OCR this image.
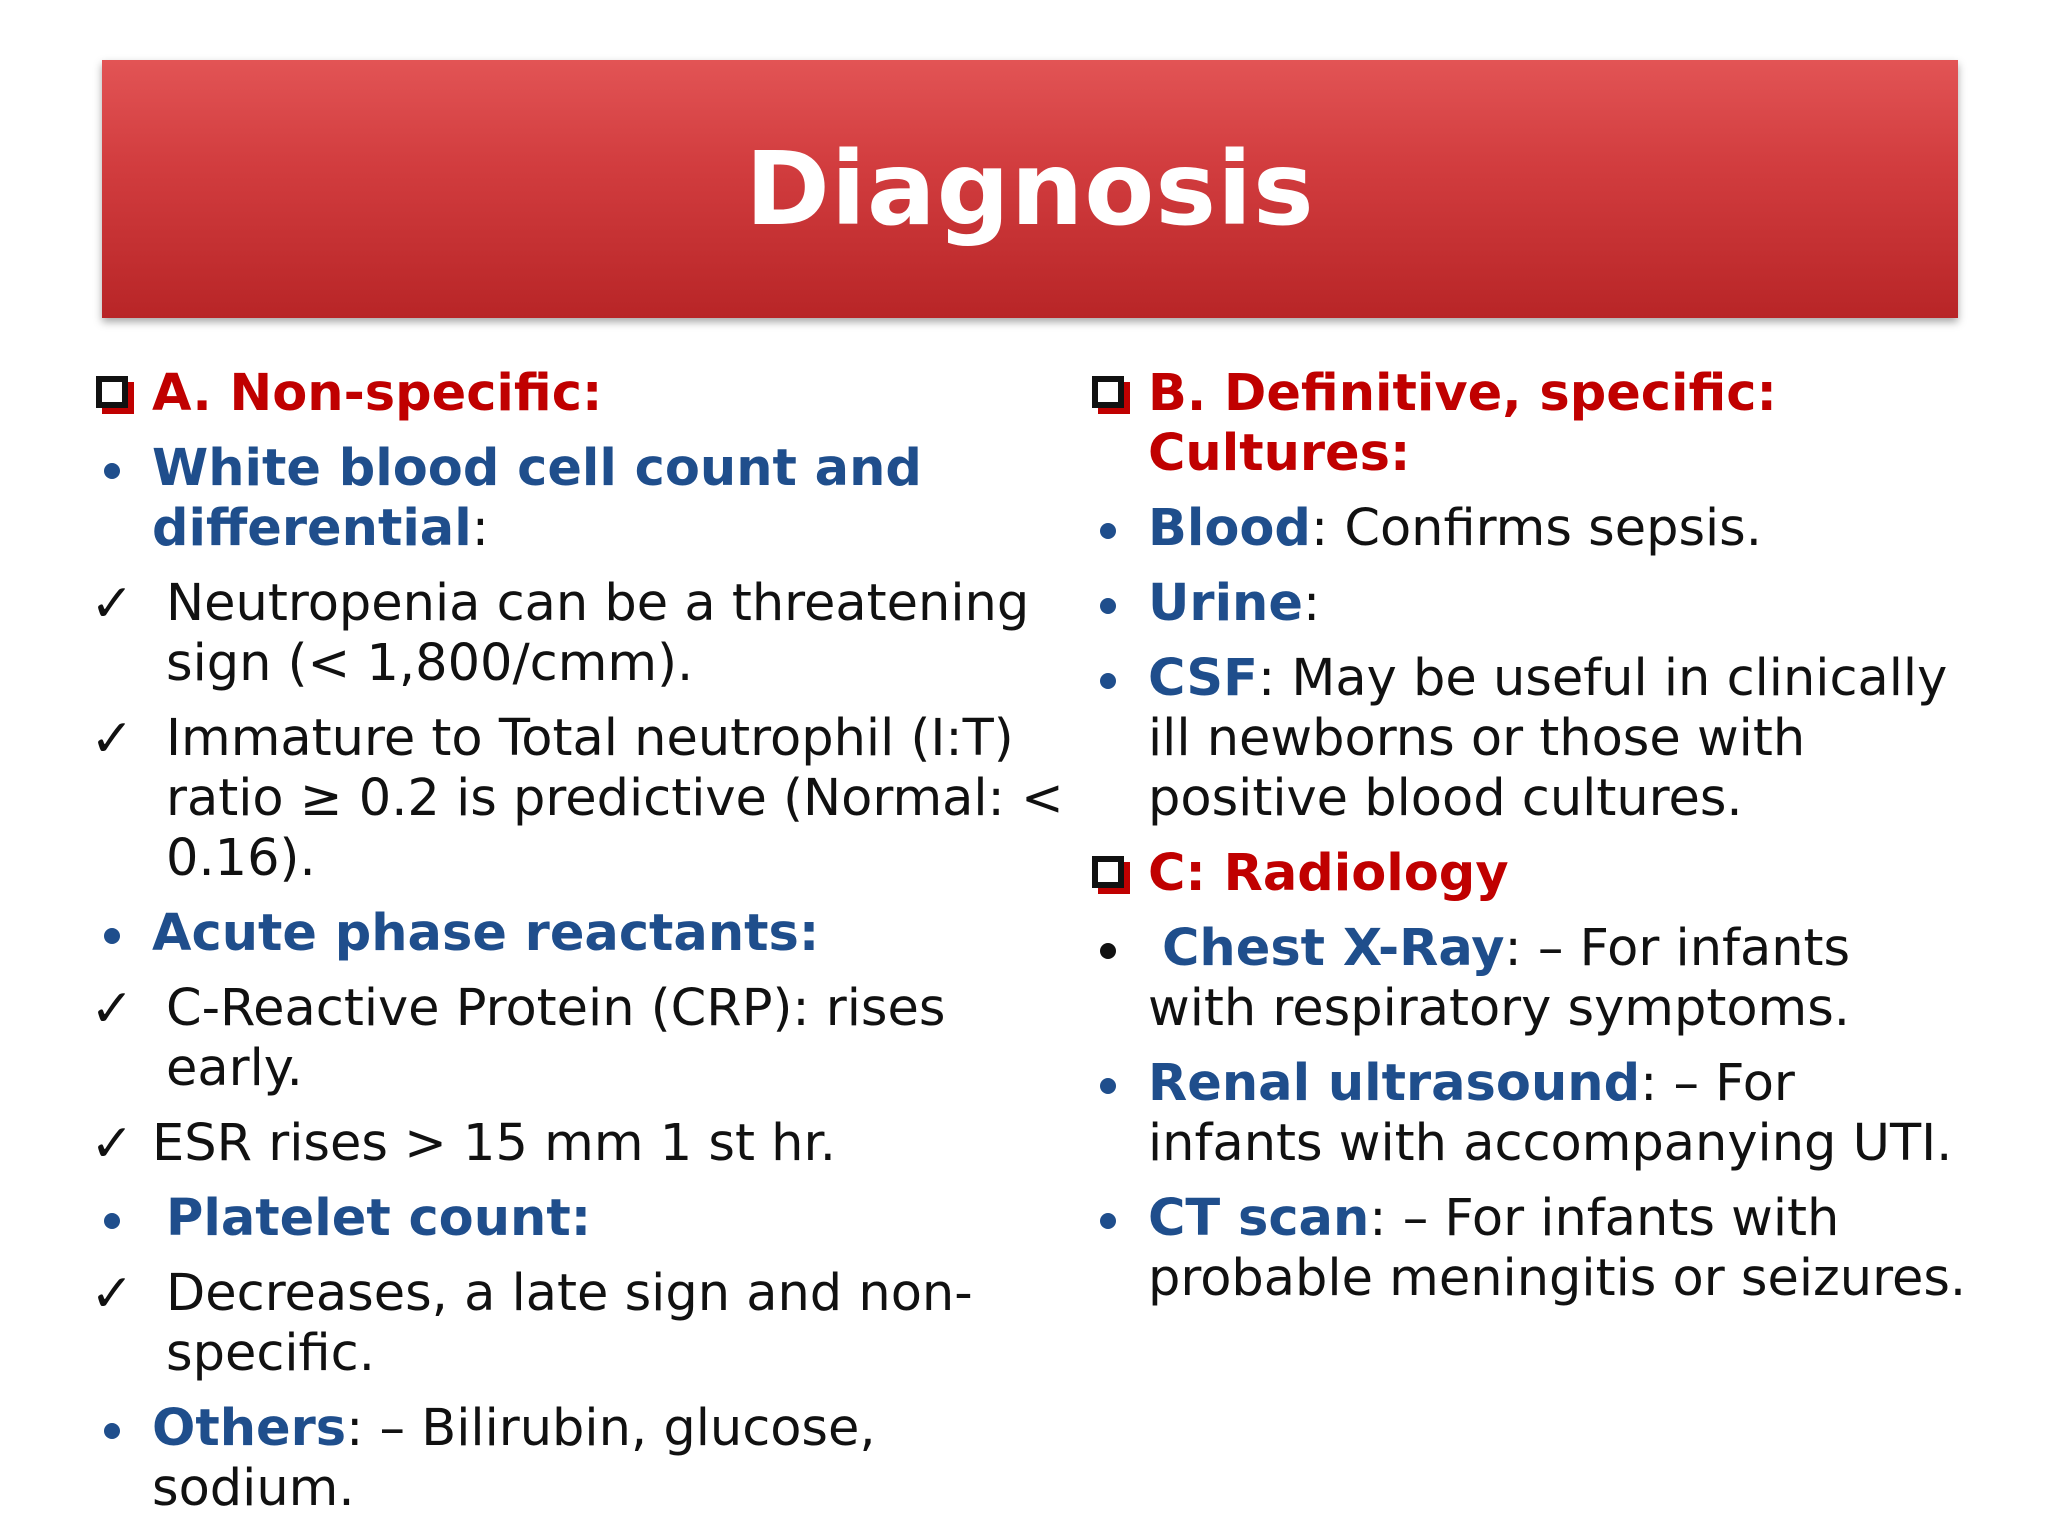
Diagnosis
A. Non-specific:
White blood cell count and differential:
✓ Neutropenia can be a threatening sign (< 1,800/cmm).
✓ Immature to Total neutrophil (I:T) ratio ≥ 0.2 is predictive (Normal: < 0.16).
Acute phase reactants:
✓ C-Reactive Protein (CRP): rises early.
✓ ESR rises > 15 mm 1 st hr.
Platelet count:
✓ Decreases, a late sign and non-specific.
Others: – Bilirubin, glucose, sodium.
B. Definitive, specific: Cultures:
Blood: Confirms sepsis.
Urine:
CSF: May be useful in clinically ill newborns or those with positive blood cultures.
C: Radiology
Chest X-Ray: – For infants with respiratory symptoms.
Renal ultrasound: – For infants with accompanying UTI.
CT scan: – For infants with probable meningitis or seizures.
